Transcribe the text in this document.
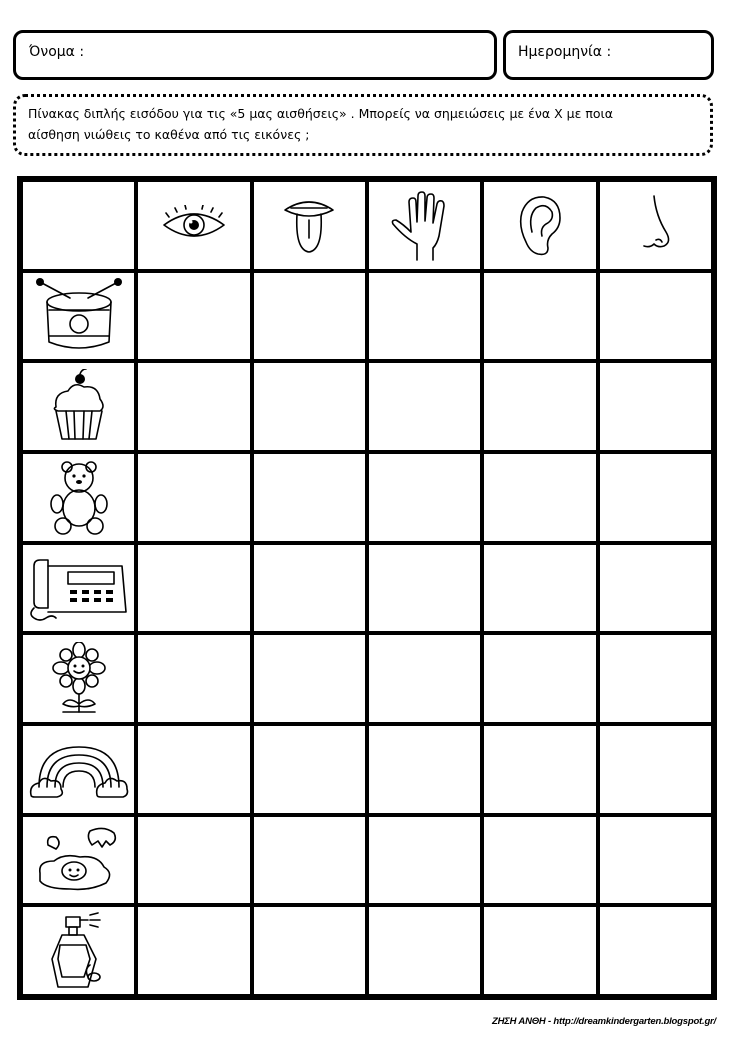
Όνομα :	Ημερομηνία :
Πίνακας διπλής εισόδου για τις «5 μας αισθήσεις» . Μπορείς να σημειώσεις με ένα Χ με ποια
αίσθηση νιώθεις το καθένα από τις εικόνες ;
ΖΗΣΗ ΑΝΘΗ - http://dreamkindergarten.blogspot.gr/
